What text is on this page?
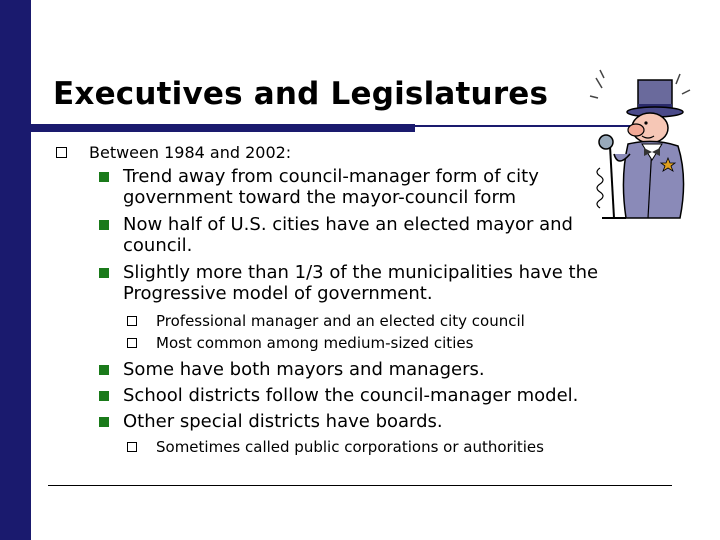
Executives and Legislatures
Between 1984 and 2002:
Trend away from council-manager form of city
government toward the mayor-council form
Now half of U.S. cities have an elected mayor and
council.
Slightly more than 1/3 of the municipalities have the
Progressive model of government.
Professional manager and an elected city council
Most common among medium-sized cities
Some have both mayors and managers.
School districts follow the council-manager model.
Other special districts have boards.
Sometimes called public corporations or authorities
